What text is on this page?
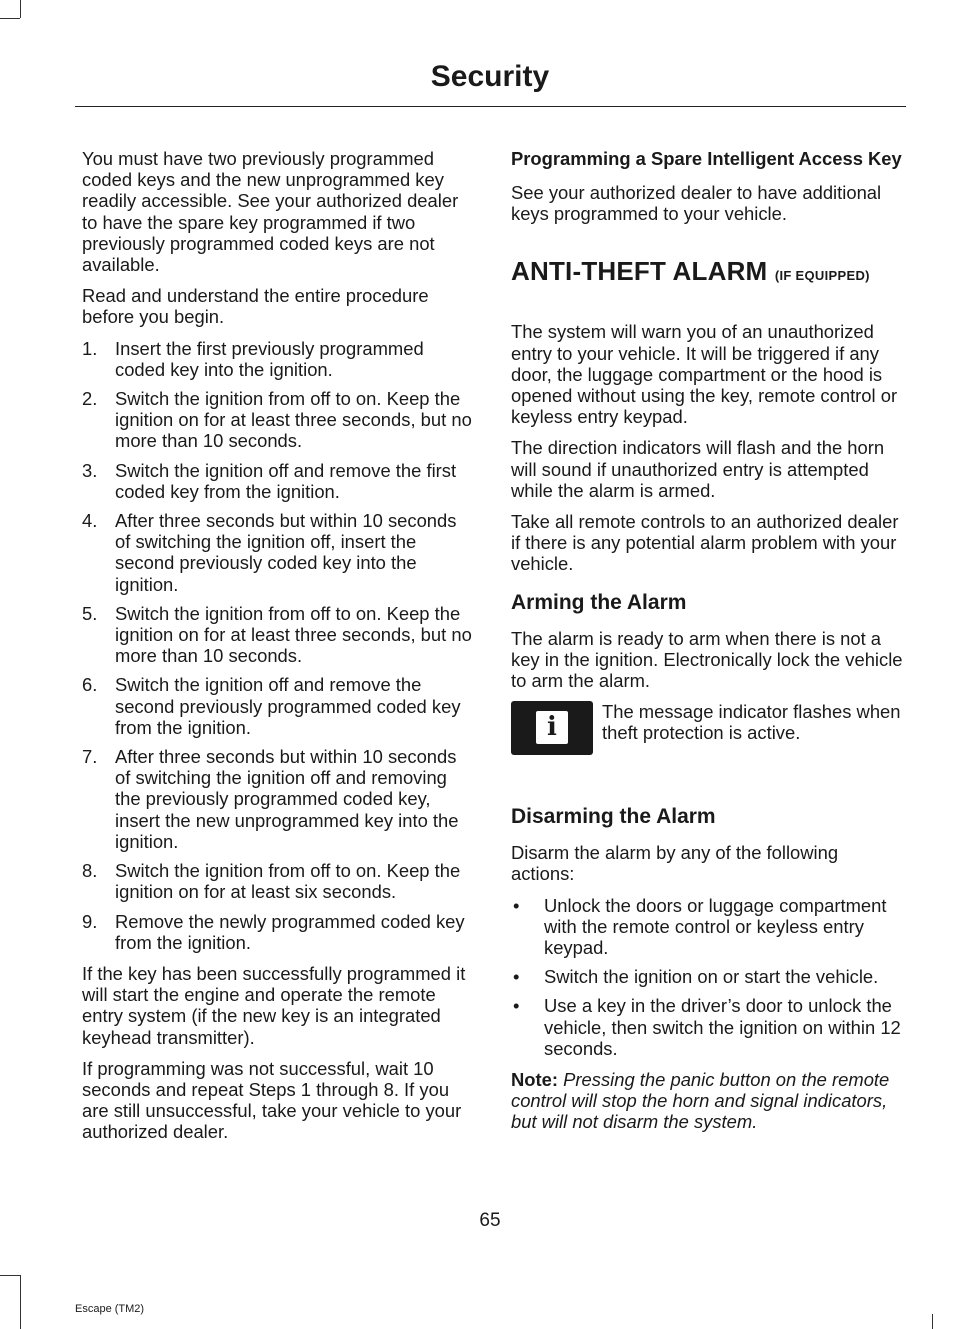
Security

You must have two previously programmed coded keys and the new unprogrammed key readily accessible. See your authorized dealer to have the spare key programmed if two previously programmed coded keys are not available.

Read and understand the entire procedure before you begin.

1. Insert the first previously programmed coded key into the ignition.
2. Switch the ignition from off to on. Keep the ignition on for at least three seconds, but no more than 10 seconds.
3. Switch the ignition off and remove the first coded key from the ignition.
4. After three seconds but within 10 seconds of switching the ignition off, insert the second previously coded key into the ignition.
5. Switch the ignition from off to on. Keep the ignition on for at least three seconds, but no more than 10 seconds.
6. Switch the ignition off and remove the second previously programmed coded key from the ignition.
7. After three seconds but within 10 seconds of switching the ignition off and removing the previously programmed coded key, insert the new unprogrammed key into the ignition.
8. Switch the ignition from off to on. Keep the ignition on for at least six seconds.
9. Remove the newly programmed coded key from the ignition.

If the key has been successfully programmed it will start the engine and operate the remote entry system (if the new key is an integrated keyhead transmitter).

If programming was not successful, wait 10 seconds and repeat Steps 1 through 8. If you are still unsuccessful, take your vehicle to your authorized dealer.

Programming a Spare Intelligent Access Key

See your authorized dealer to have additional keys programmed to your vehicle.

ANTI-THEFT ALARM (IF EQUIPPED)

The system will warn you of an unauthorized entry to your vehicle. It will be triggered if any door, the luggage compartment or the hood is opened without using the key, remote control or keyless entry keypad.

The direction indicators will flash and the horn will sound if unauthorized entry is attempted while the alarm is armed.

Take all remote controls to an authorized dealer if there is any potential alarm problem with your vehicle.

Arming the Alarm

The alarm is ready to arm when there is not a key in the ignition. Electronically lock the vehicle to arm the alarm.

i

The message indicator flashes when theft protection is active.

Disarming the Alarm

Disarm the alarm by any of the following actions:

• Unlock the doors or luggage compartment with the remote control or keyless entry keypad.
• Switch the ignition on or start the vehicle.
• Use a key in the driver’s door to unlock the vehicle, then switch the ignition on within 12 seconds.

Note: Pressing the panic button on the remote control will stop the horn and signal indicators, but will not disarm the system.

65

Escape (TM2)
